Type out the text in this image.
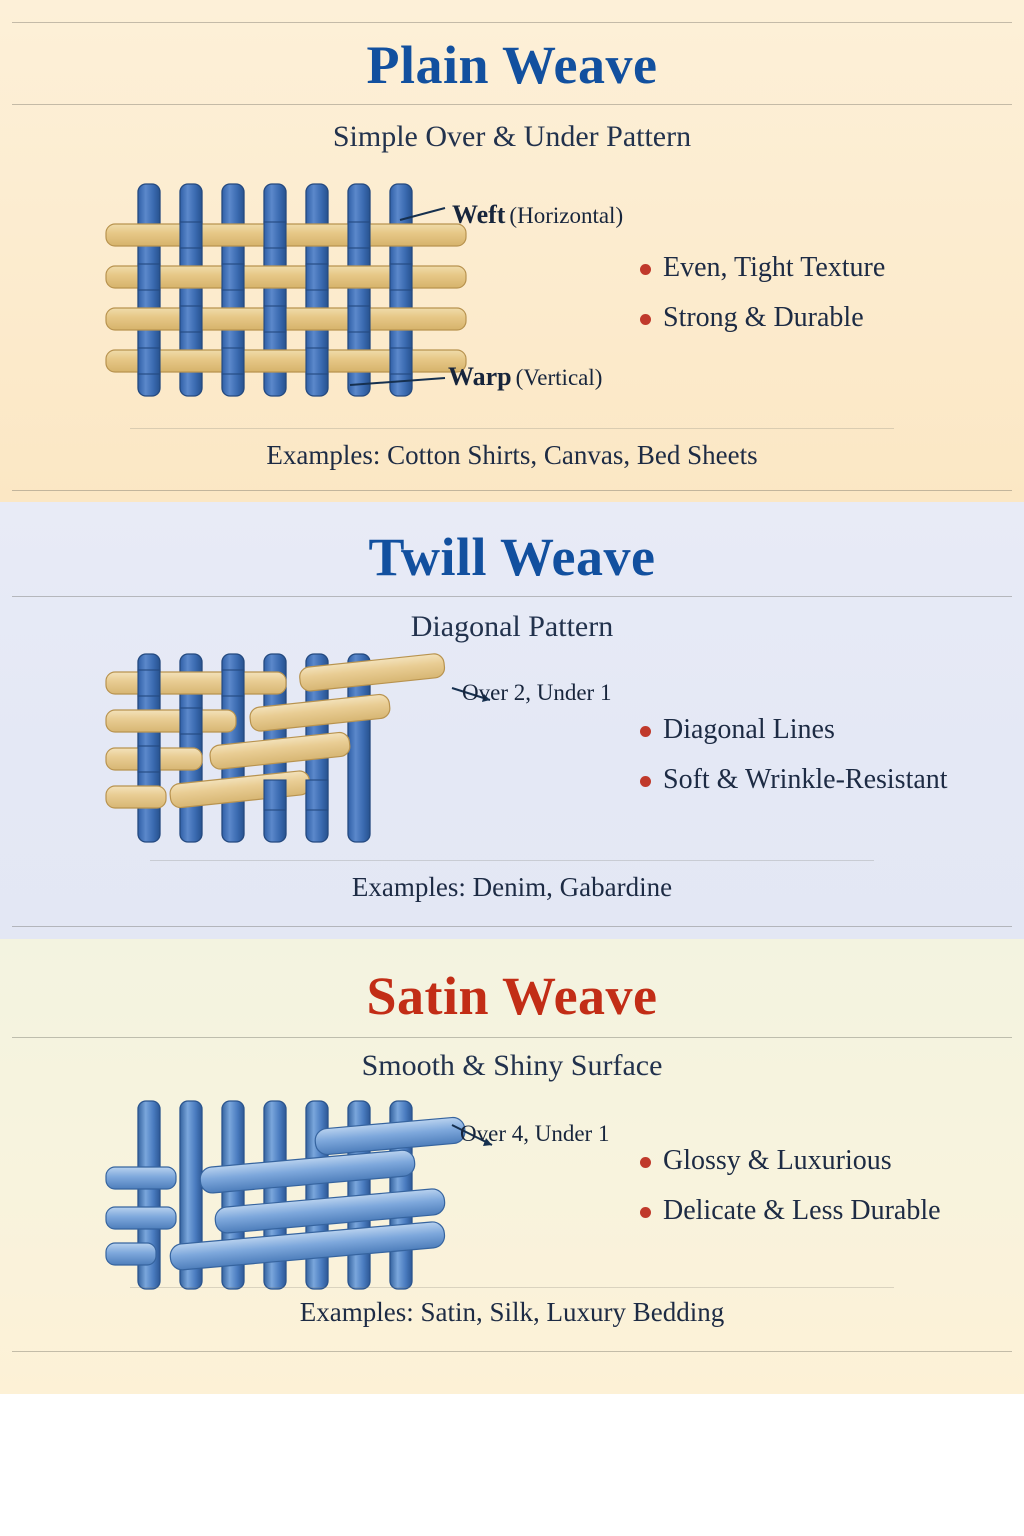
Plain Weave
Simple Over & Under Pattern
Weft (Horizontal)
Warp (Vertical)
Even, Tight Texture
Strong & Durable
Examples: Cotton Shirts, Canvas, Bed Sheets
Twill Weave
Diagonal Pattern
Over 2, Under 1
Diagonal Lines
Soft & Wrinkle-Resistant
Examples: Denim, Gabardine
Satin Weave
Smooth & Shiny Surface
Over 4, Under 1
Glossy & Luxurious
Delicate & Less Durable
Examples: Satin, Silk, Luxury Bedding
